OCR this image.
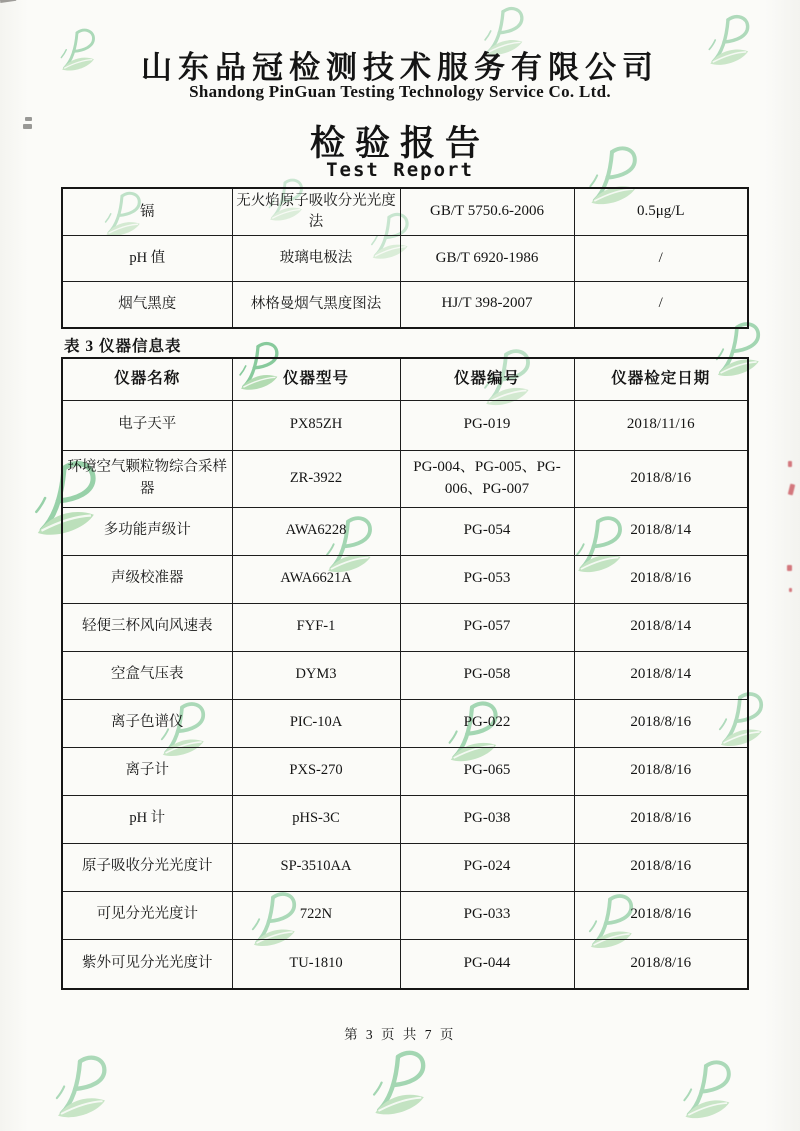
山东品冠检测技术服务有限公司
Shandong PinGuan Testing Technology Service Co. Ltd.
检验报告
Test Report
镉	无火焰原子吸收分光光度法	GB/T 5750.6-2006	0.5μg/L
pH 值	玻璃电极法	GB/T 6920-1986	/
烟气黑度	林格曼烟气黑度图法	HJ/T 398-2007	/
表 3 仪器信息表
仪器名称	仪器型号	仪器编号	仪器检定日期
电子天平	PX85ZH	PG-019	2018/11/16
环境空气颗粒物综合采样器	ZR-3922	PG-004、PG-005、PG-006、PG-007	2018/8/16
多功能声级计	AWA6228	PG-054	2018/8/14
声级校准器	AWA6621A	PG-053	2018/8/16
轻便三杯风向风速表	FYF-1	PG-057	2018/8/14
空盒气压表	DYM3	PG-058	2018/8/14
离子色谱仪	PIC-10A	PG-022	2018/8/16
离子计	PXS-270	PG-065	2018/8/16
pH 计	pHS-3C	PG-038	2018/8/16
原子吸收分光光度计	SP-3510AA	PG-024	2018/8/16
可见分光光度计	722N	PG-033	2018/8/16
紫外可见分光光度计	TU-1810	PG-044	2018/8/16
第 3 页 共 7 页
